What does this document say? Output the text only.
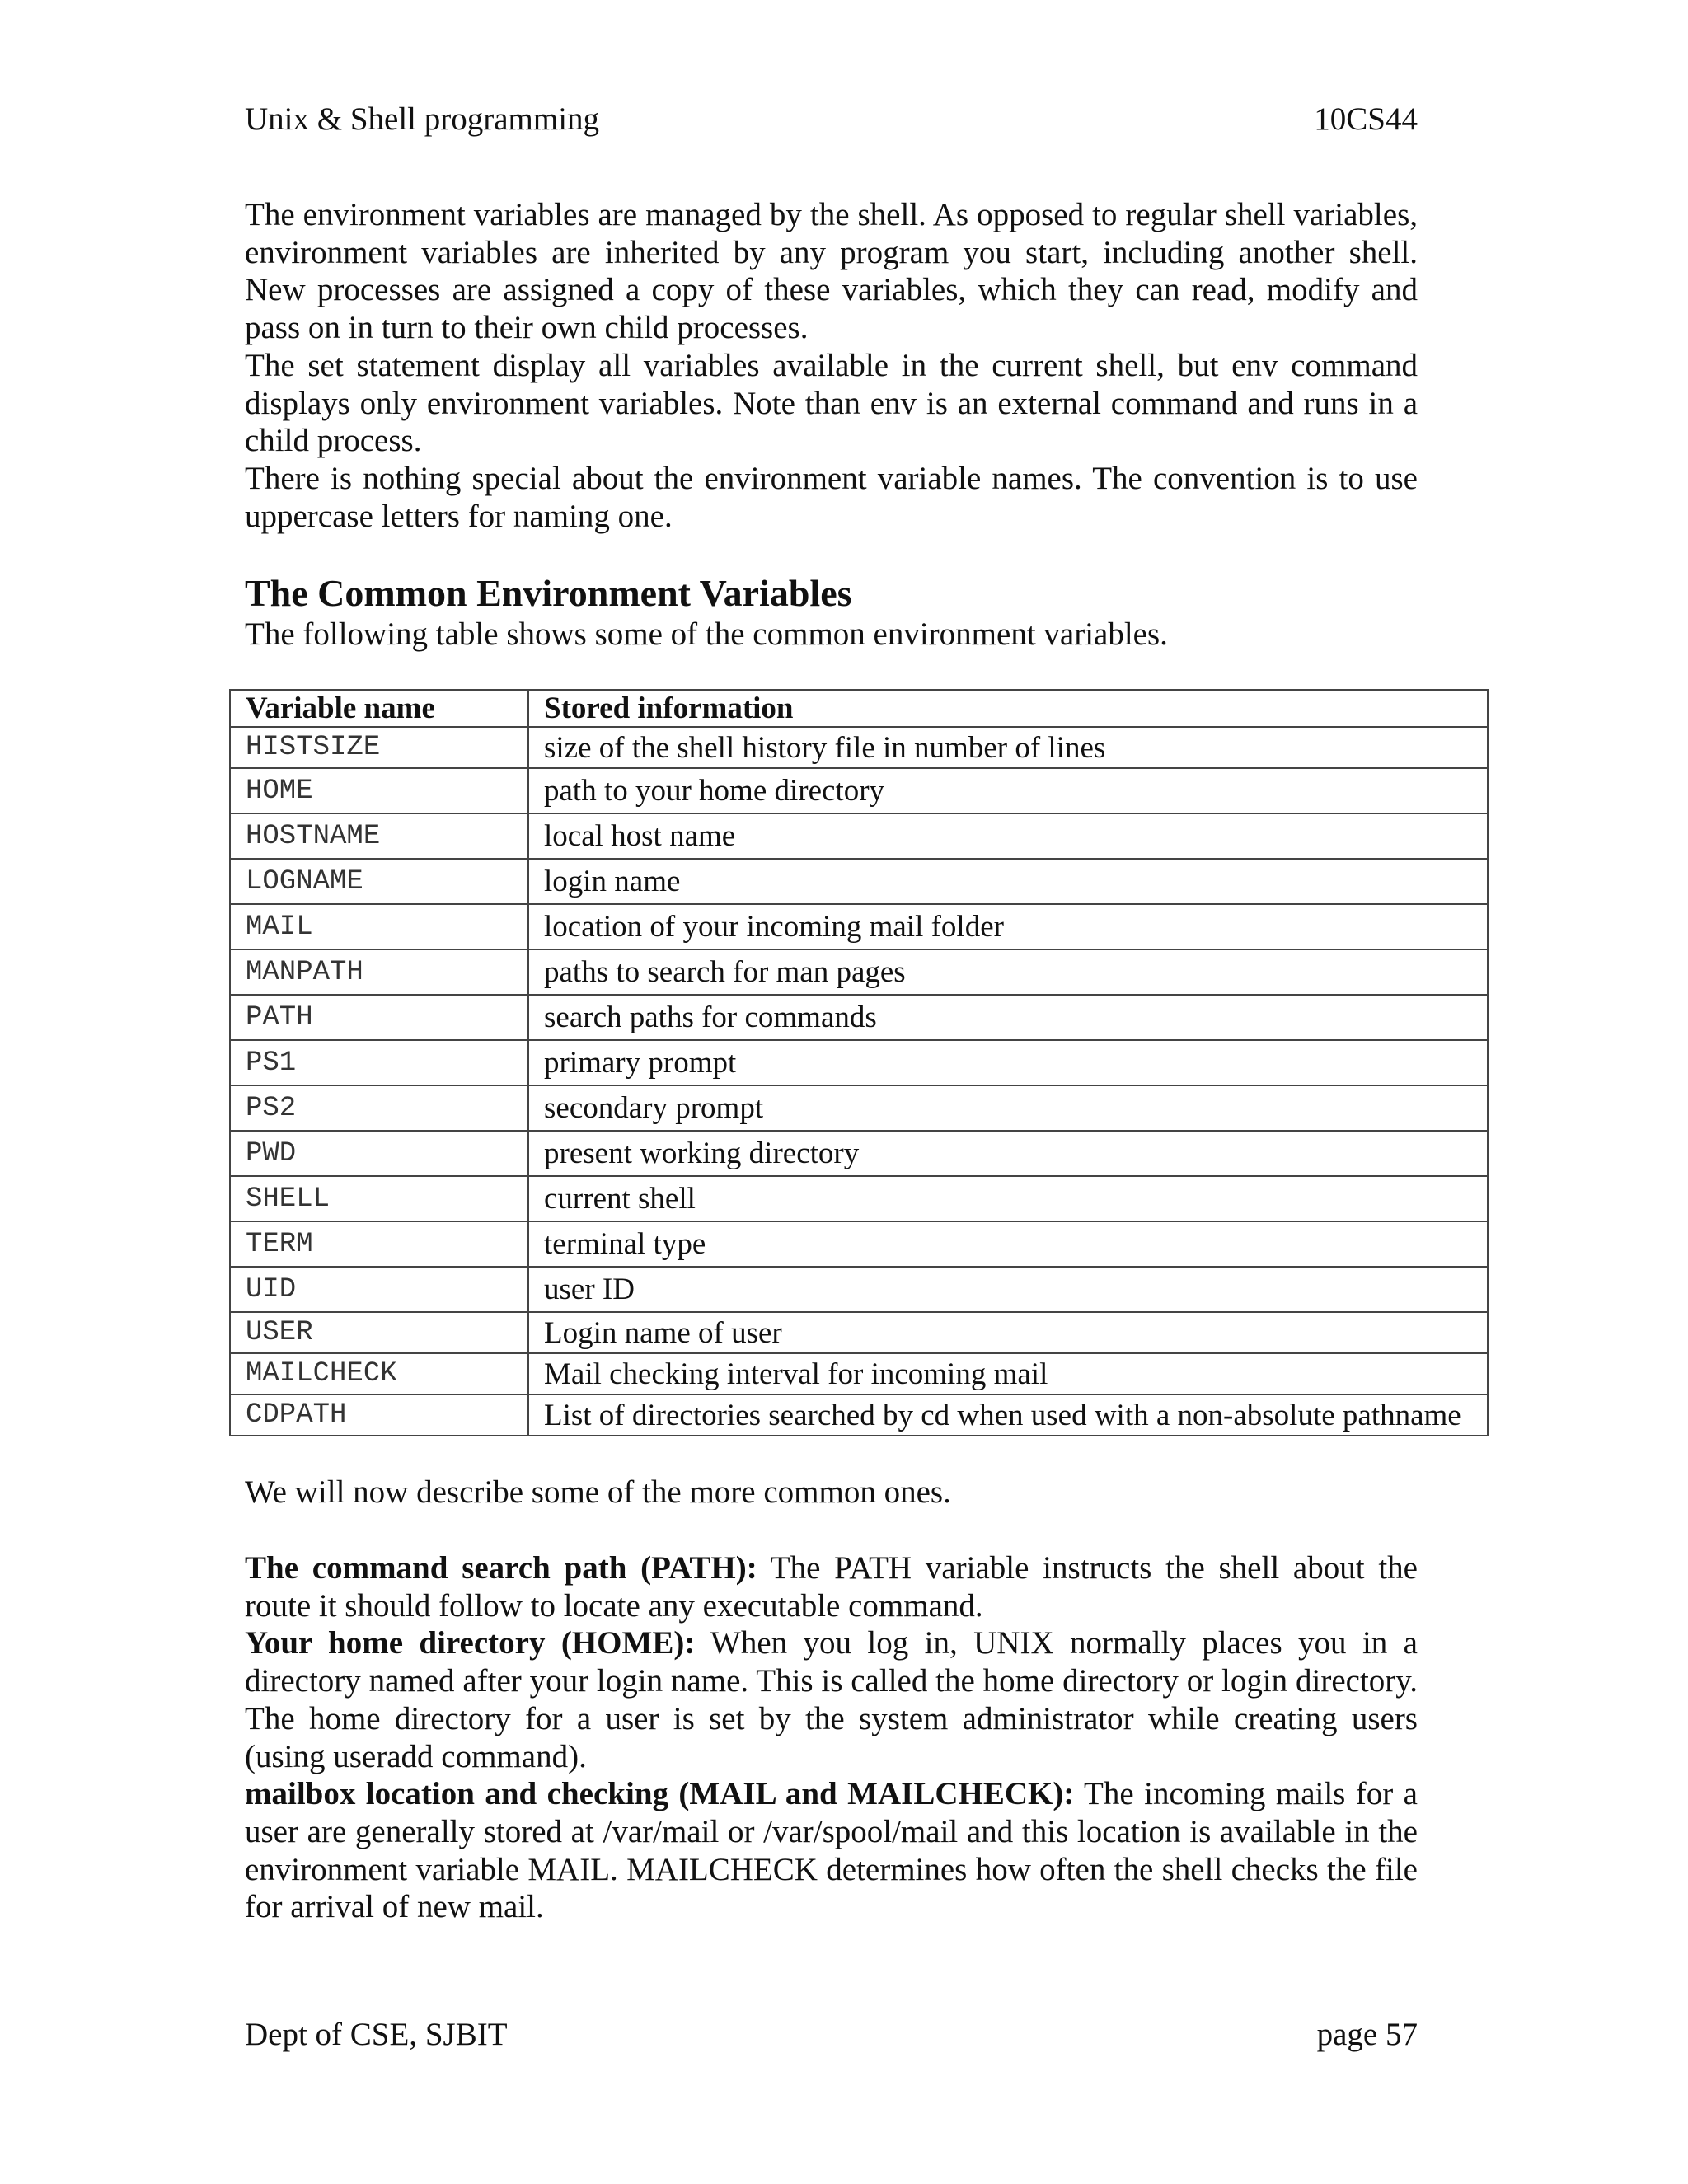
Unix & Shell programming	10CS44

The environment variables are managed by the shell. As opposed to regular shell variables, environment variables are inherited by any program you start, including another shell. New processes are assigned a copy of these variables, which they can read, modify and pass on in turn to their own child processes.

The set statement display all variables available in the current shell, but env command displays only environment variables. Note than env is an external command and runs in a child process.

There is nothing special about the environment variable names. The convention is to use uppercase letters for naming one.

The Common Environment Variables

The following table shows some of the common environment variables.

Variable name	Stored information
HISTSIZE	size of the shell history file in number of lines
HOME	path to your home directory
HOSTNAME	local host name
LOGNAME	login name
MAIL	location of your incoming mail folder
MANPATH	paths to search for man pages
PATH	search paths for commands
PS1	primary prompt
PS2	secondary prompt
PWD	present working directory
SHELL	current shell
TERM	terminal type
UID	user ID
USER	Login name of user
MAILCHECK	Mail checking interval for incoming mail
CDPATH	List of directories searched by cd when used with a non-absolute pathname

We will now describe some of the more common ones.

The command search path (PATH): The PATH variable instructs the shell about the route it should follow to locate any executable command.

Your home directory (HOME): When you log in, UNIX normally places you in a directory named after your login name. This is called the home directory or login directory. The home directory for a user is set by the system administrator while creating users (using useradd command).

mailbox location and checking (MAIL and MAILCHECK): The incoming mails for a user are generally stored at /var/mail or /var/spool/mail and this location is available in the environment variable MAIL. MAILCHECK determines how often the shell checks the file for arrival of new mail.

Dept of CSE, SJBIT	page 57
